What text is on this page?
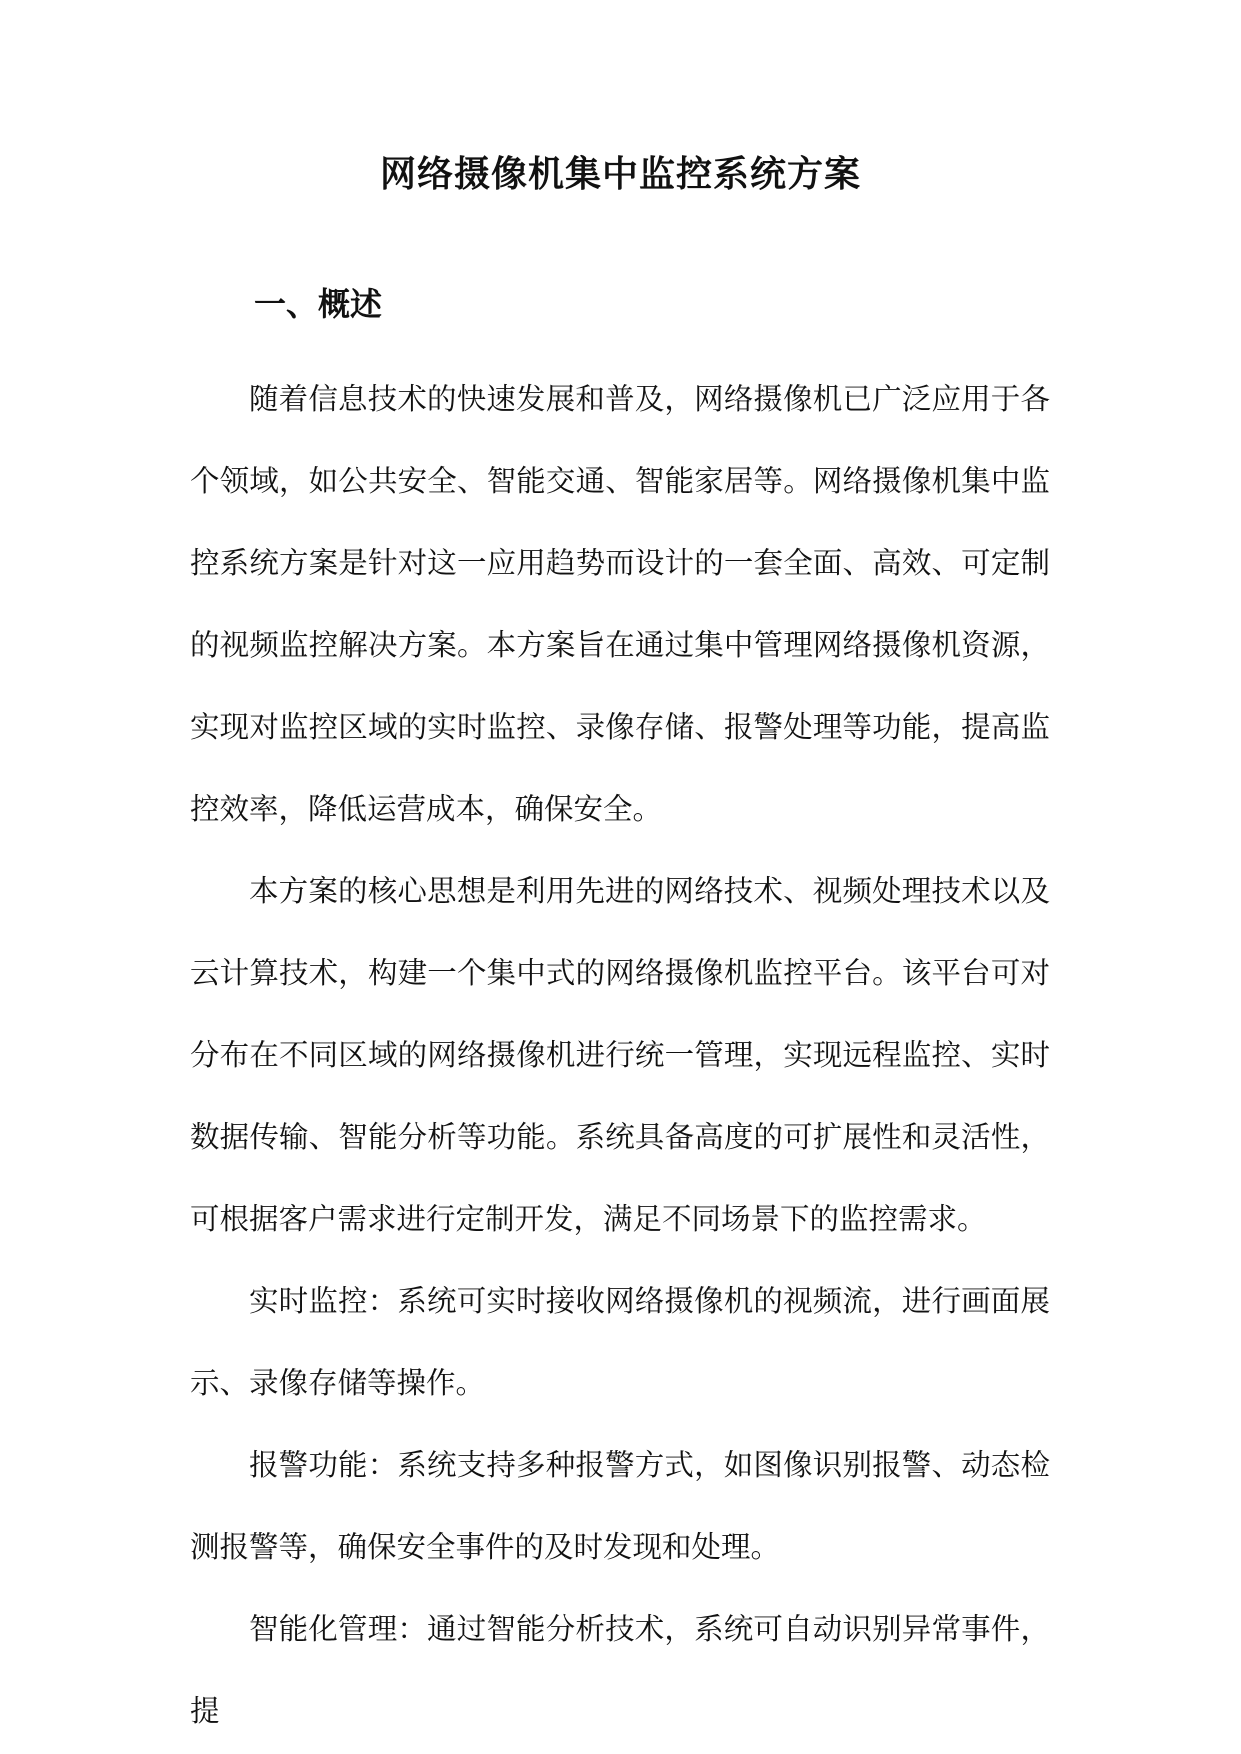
网络摄像机集中监控系统方案
一、概述

随着信息技术的快速发展和普及，网络摄像机已广泛应用于各个领域，如公共安全、智能交通、智能家居等。网络摄像机集中监控系统方案是针对这一应用趋势而设计的一套全面、高效、可定制的视频监控解决方案。本方案旨在通过集中管理网络摄像机资源，实现对监控区域的实时监控、录像存储、报警处理等功能，提高监控效率，降低运营成本，确保安全。

本方案的核心思想是利用先进的网络技术、视频处理技术以及云计算技术，构建一个集中式的网络摄像机监控平台。该平台可对分布在不同区域的网络摄像机进行统一管理，实现远程监控、实时数据传输、智能分析等功能。系统具备高度的可扩展性和灵活性，可根据客户需求进行定制开发，满足不同场景下的监控需求。

实时监控：系统可实时接收网络摄像机的视频流，进行画面展示、录像存储等操作。

报警功能：系统支持多种报警方式，如图像识别报警、动态检测报警等，确保安全事件的及时发现和处理。

智能化管理：通过智能分析技术，系统可自动识别异常事件，提
